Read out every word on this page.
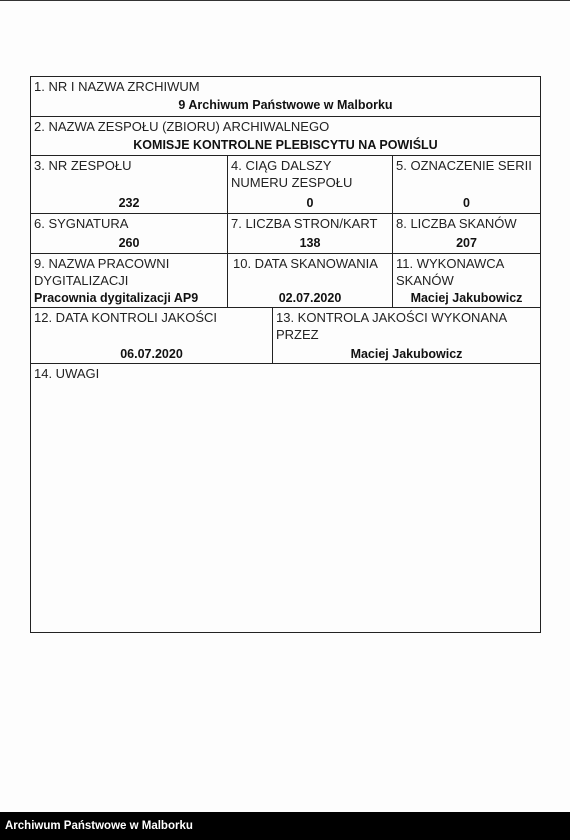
1. NR I NAZWA ZRCHIWUM
9 Archiwum Państwowe w Malborku
2. NAZWA ZESPOŁU (ZBIORU) ARCHIWALNEGO
KOMISJE KONTROLNE PLEBISCYTU NA POWIŚLU
3. NR ZESPOŁU
232
4. CIĄG DALSZY
NUMERU ZESPOŁU
0
5. OZNACZENIE SERII
0
6. SYGNATURA
260
7. LICZBA STRON/KART
138
8. LICZBA SKANÓW
207
9. NAZWA PRACOWNI
DYGITALIZACJI
Pracownia dygitalizacji AP9
10. DATA SKANOWANIA
02.07.2020
11. WYKONAWCA
SKANÓW
Maciej Jakubowicz
12. DATA KONTROLI JAKOŚCI
06.07.2020
13. KONTROLA JAKOŚCI WYKONANA
PRZEZ
Maciej Jakubowicz
14. UWAGI
Archiwum Państwowe w Malborku
